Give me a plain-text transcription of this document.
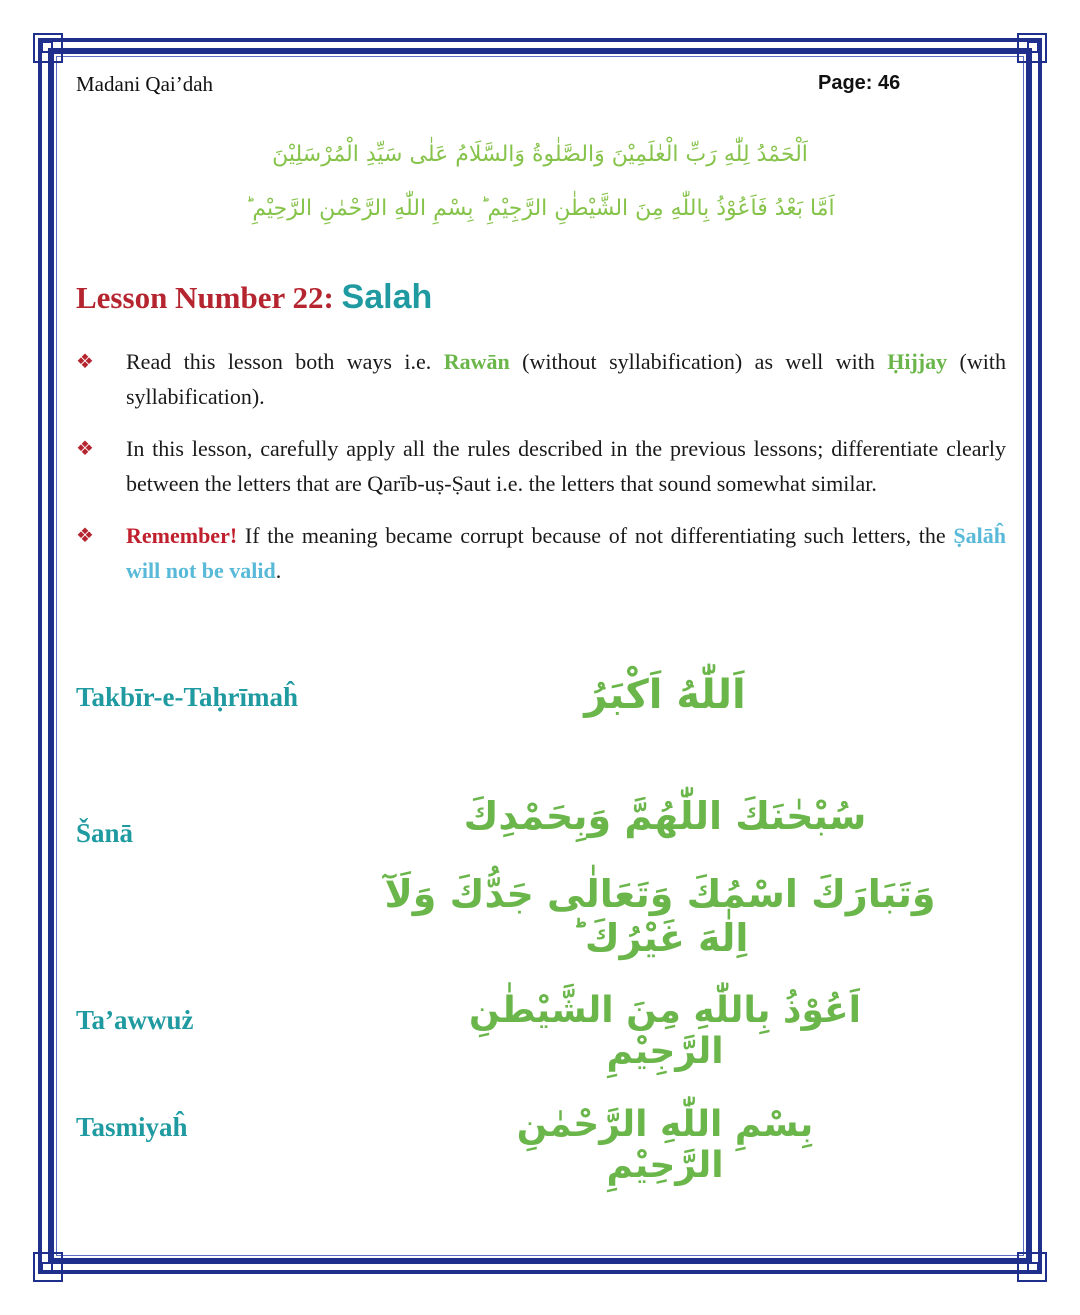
Madani Qai’dah	Page: 46
اَلْحَمْدُ لِلّٰهِ رَبِّ الْعٰلَمِيْنَ وَالصَّلٰوةُ وَالسَّلَامُ عَلٰى سَيِّدِ الْمُرْسَلِيْنَ
اَمَّا بَعْدُ فَاَعُوْذُ بِاللّٰهِ مِنَ الشَّيْطٰنِ الرَّجِيْمِ ؕ بِسْمِ اللّٰهِ الرَّحْمٰنِ الرَّحِيْمِ ؕ
Lesson Number 22: Salah
❖ Read this lesson both ways i.e. Rawān (without syllabification) as well with Ḥijjay (with syllabification).
❖ In this lesson, carefully apply all the rules described in the previous lessons; differentiate clearly between the letters that are Qarīb-uṣ-Ṣaut i.e. the letters that sound somewhat similar.
❖ Remember! If the meaning became corrupt because of not differentiating such letters, the Ṣalāĥ will not be valid.
Takbīr-e-Taḥrīmaĥ	اَللّٰهُ اَكْبَرُ
Šanā	سُبْحٰنَكَ اللّٰهُمَّ وَبِحَمْدِكَ
وَتَبَارَكَ اسْمُكَ وَتَعَالٰى جَدُّكَ وَلَآ اِلٰهَ غَيْرُكَ ؕ
Ta’awwuż	اَعُوْذُ بِاللّٰهِ مِنَ الشَّيْطٰنِ الرَّجِيْمِ
Tasmiyaĥ	بِسْمِ اللّٰهِ الرَّحْمٰنِ الرَّحِيْمِ
